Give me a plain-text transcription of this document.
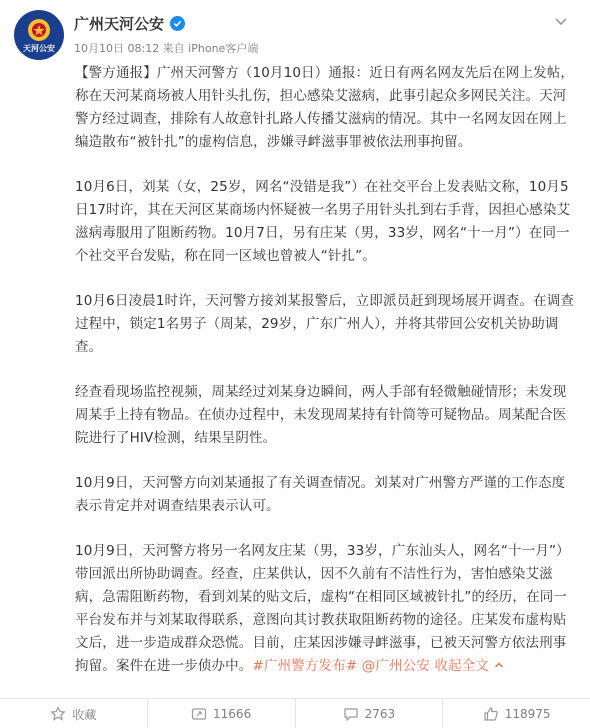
天河公安
广州天河公安
10月10日 08:12 来自 iPhone客户端

【警方通报】广州天河警方（10月10日）通报：近日有两名网友先后在网上发帖，称在天河某商场被人用针头扎伤，担心感染艾滋病，此事引起众多网民关注。天河警方经过调查，排除有人故意针扎路人传播艾滋病的情况。其中一名网友因在网上编造散布“被针扎”的虚构信息，涉嫌寻衅滋事罪被依法刑事拘留。

10月6日，刘某（女，25岁，网名“没错是我”）在社交平台上发表贴文称，10月5日17时许，其在天河区某商场内怀疑被一名男子用针头扎到右手背，因担心感染艾滋病毒服用了阻断药物。10月7日，另有庄某（男，33岁，网名“十一月”）在同一个社交平台发贴，称在同一区域也曾被人“针扎”。

10月6日凌晨1时许，天河警方接刘某报警后，立即派员赶到现场展开调查。在调查过程中，锁定1名男子（周某，29岁，广东广州人），并将其带回公安机关协助调查。

经查看现场监控视频，周某经过刘某身边瞬间，两人手部有轻微触碰情形；未发现周某手上持有物品。在侦办过程中，未发现周某持有针筒等可疑物品。周某配合医院进行了HIV检测，结果呈阴性。

10月9日，天河警方向刘某通报了有关调查情况。刘某对广州警方严谨的工作态度表示肯定并对调查结果表示认可。

10月9日，天河警方将另一名网友庄某（男，33岁，广东汕头人，网名“十一月”）带回派出所协助调查。经查，庄某供认，因不久前有不洁性行为，害怕感染艾滋病，急需阻断药物，看到刘某的贴文后，虚构“在相同区域被针扎”的经历，在同一平台发布并与刘某取得联系，意图向其讨教获取阻断药物的途径。庄某发布虚构贴文后，进一步造成群众恐慌。目前，庄某因涉嫌寻衅滋事，已被天河警方依法刑事拘留。案件在进一步侦办中。#广州警方发布# @广州公安 收起全文

收藏	11666	2763	118975
